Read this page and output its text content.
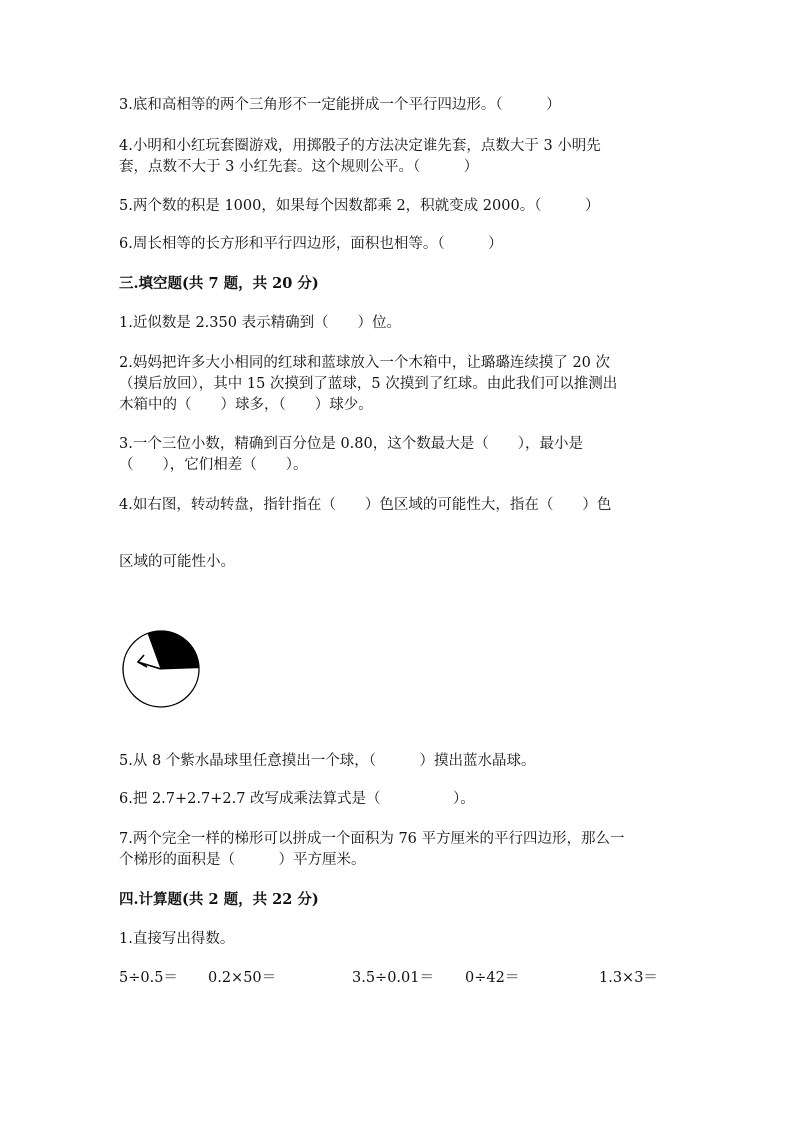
3.底和高相等的两个三角形不一定能拼成一个平行四边形。（　　　）
4.小明和小红玩套圈游戏，用掷骰子的方法决定谁先套，点数大于 3 小明先
套，点数不大于 3 小红先套。这个规则公平。（　　　）
5.两个数的积是 1000，如果每个因数都乘 2，积就变成 2000。（　　　）
6.周长相等的长方形和平行四边形，面积也相等。（　　　）
三.填空题(共 7 题，共 20 分)
1.近似数是 2.350 表示精确到（　　）位。
2.妈妈把许多大小相同的红球和蓝球放入一个木箱中，让璐璐连续摸了 20 次
（摸后放回），其中 15 次摸到了蓝球，5 次摸到了红球。由此我们可以推测出
木箱中的（　　）球多，（　　）球少。
3.一个三位小数，精确到百分位是 0.80，这个数最大是（　　），最小是
（　　），它们相差（　　）。
4.如右图，转动转盘，指针指在（　　）色区域的可能性大，指在（　　）色
区域的可能性小。
5.从 8 个紫水晶球里任意摸出一个球，（　　　）摸出蓝水晶球。
6.把 2.7+2.7+2.7 改写成乘法算式是（　　　　　）。
7.两个完全一样的梯形可以拼成一个面积为 76 平方厘米的平行四边形，那么一
个梯形的面积是（　　　）平方厘米。
四.计算题(共 2 题，共 22 分)
1.直接写出得数。
5÷0.5＝ 0.2×50＝	3.5÷0.01＝ 0÷42＝	1.3×3＝
